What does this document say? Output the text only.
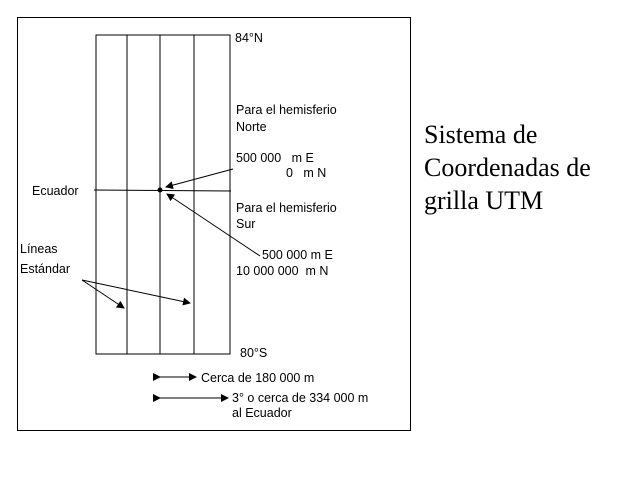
84°N
80°S
Ecuador
Líneas
Estándar
Para el hemisferio
Norte
500 000   m E
0   m N
Para el hemisferio
Sur
500 000 m E
10 000 000  m N
Cerca de 180 000 m
3° o cerca de 334 000 m
al Ecuador
Sistema de
Coordenadas de
grilla UTM
